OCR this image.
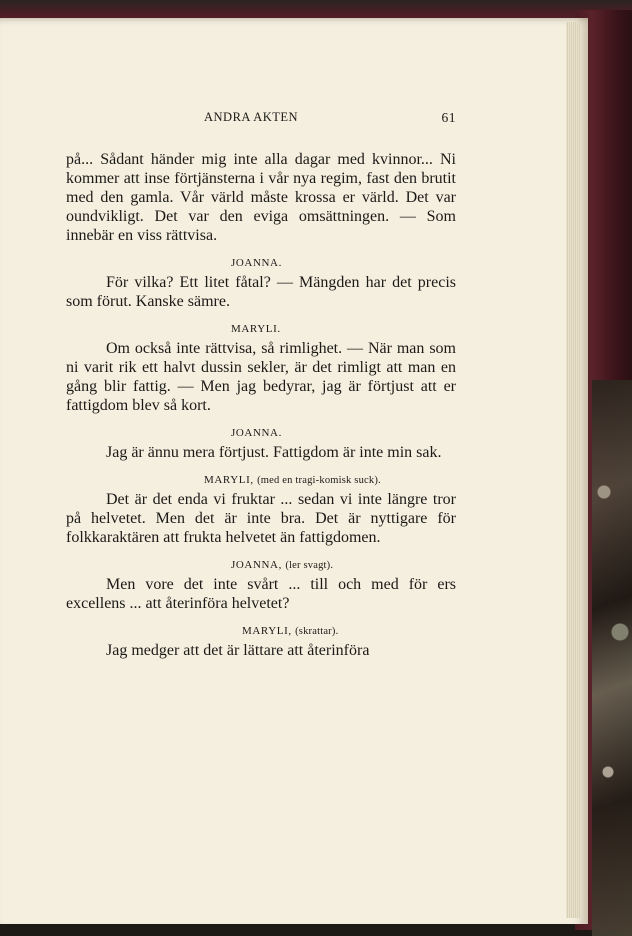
ANDRA AKTEN	61

på... Sådant händer mig inte alla dagar med kvinnor... Ni kommer att inse förtjänsterna i vår nya regim, fast den brutit med den gamla. Vår värld måste krossa er värld. Det var oundvikligt. Det var den eviga omsättningen. — Som innebär en viss rättvisa.

JOANNA.

För vilka? Ett litet fåtal? — Mängden har det precis som förut. Kanske sämre.

MARYLI.

Om också inte rättvisa, så rimlighet. — När man som ni varit rik ett halvt dussin sekler, är det rimligt att man en gång blir fattig. — Men jag bedyrar, jag är förtjust att er fattigdom blev så kort.

JOANNA.

Jag är ännu mera förtjust. Fattigdom är inte min sak.

MARYLI, (med en tragi-komisk suck).

Det är det enda vi fruktar ... sedan vi inte längre tror på helvetet. Men det är inte bra. Det är nyttigare för folkkaraktären att frukta helvetet än fattigdomen.

JOANNA, (ler svagt).

Men vore det inte svårt ... till och med för ers excellens ... att återinföra helvetet?

MARYLI, (skrattar).

Jag medger att det är lättare att återinföra
